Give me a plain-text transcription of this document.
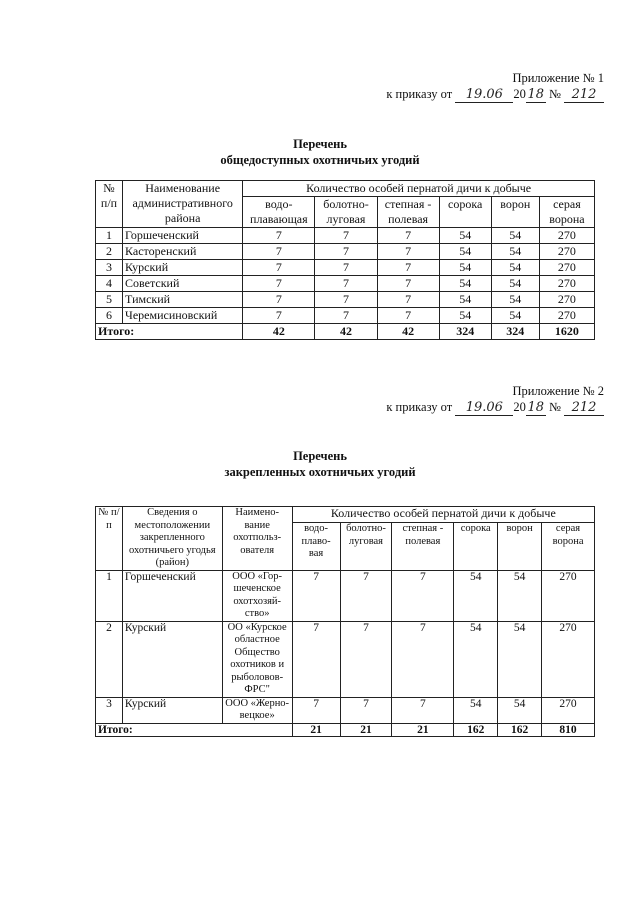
Приложение № 1
к приказу от 19.06 20 18 № 212
Перечень
общедоступных охотничьих угодий
№ п/п	Наименование административного района	Количество особей пернатой дичи к добыче					
		водо-плавающая	болотно-луговая	степная - полевая	сорока	ворон	серая ворона
1	Горшеченский	7	7	7	54	54	270
2	Касторенский	7	7	7	54	54	270
3	Курский	7	7	7	54	54	270
4	Советский	7	7	7	54	54	270
5	Тимский	7	7	7	54	54	270
6	Черемисиновский	7	7	7	54	54	270
Итого:		42	42	42	324	324	1620
Приложение № 2
к приказу от 19.06 20 18 № 212
Перечень
закрепленных охотничьих угодий
№ п/п	Сведения о местоположении закрепленного охотничьего угодья (район)	Наимено-вание охотпольз-ователя	Количество особей пернатой дичи к добыче					
			водо-плаво-вая	болотно-луговая	степная - полевая	сорока	ворон	серая ворона
1	Горшеченский	ООО «Гор-шеченское охотхозяй-ство»	7	7	7	54	54	270
2	Курский	ОО «Курское областное Общество охотников и рыболовов-ФРС"	7	7	7	54	54	270
3	Курский	ООО «Жерно-вецкое»	7	7	7	54	54	270
Итого:			21	21	21	162	162	810
